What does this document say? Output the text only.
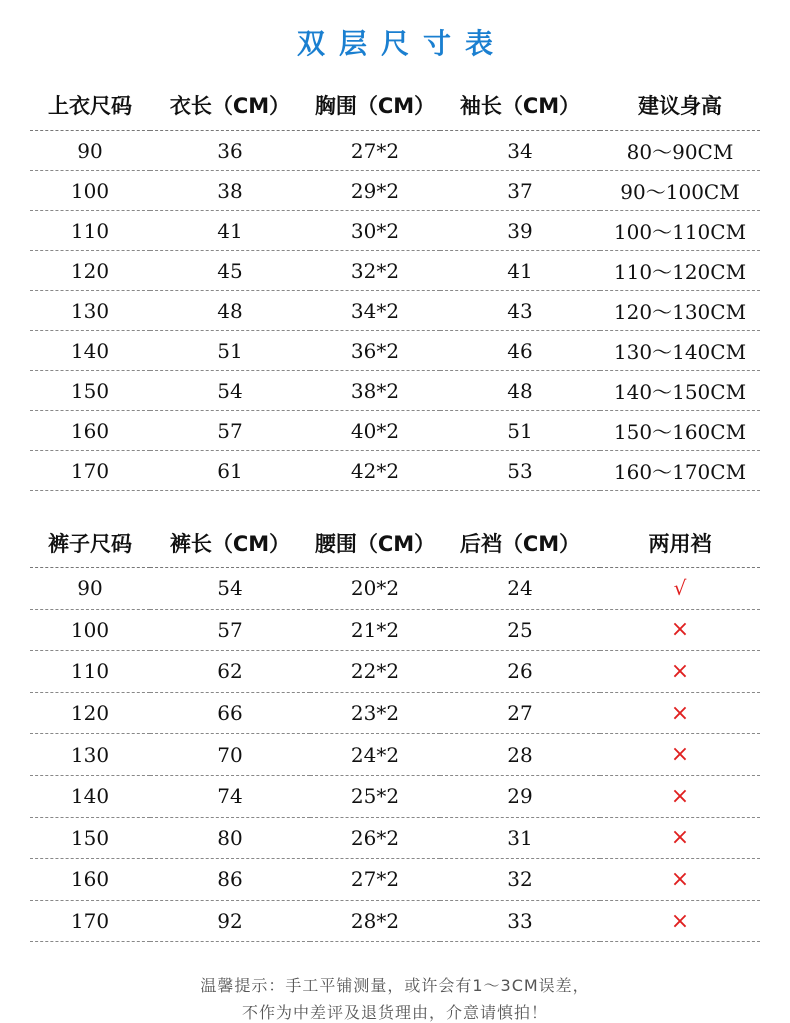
双层尺寸表
上衣尺码	衣长（CM）	胸围（CM）	袖长（CM）	建议身高
90	36	27*2	34	80～90CM
100	38	29*2	37	90～100CM
110	41	30*2	39	100～110CM
120	45	32*2	41	110～120CM
130	48	34*2	43	120～130CM
140	51	36*2	46	130～140CM
150	54	38*2	48	140～150CM
160	57	40*2	51	150～160CM
170	61	42*2	53	160～170CM
裤子尺码	裤长（CM）	腰围（CM）	后裆（CM）	两用裆
90	54	20*2	24	√
100	57	21*2	25	×
110	62	22*2	26	×
120	66	23*2	27	×
130	70	24*2	28	×
140	74	25*2	29	×
150	80	26*2	31	×
160	86	27*2	32	×
170	92	28*2	33	×
温馨提示：手工平铺测量，或许会有1～3CM误差，
不作为中差评及退货理由，介意请慎拍！
